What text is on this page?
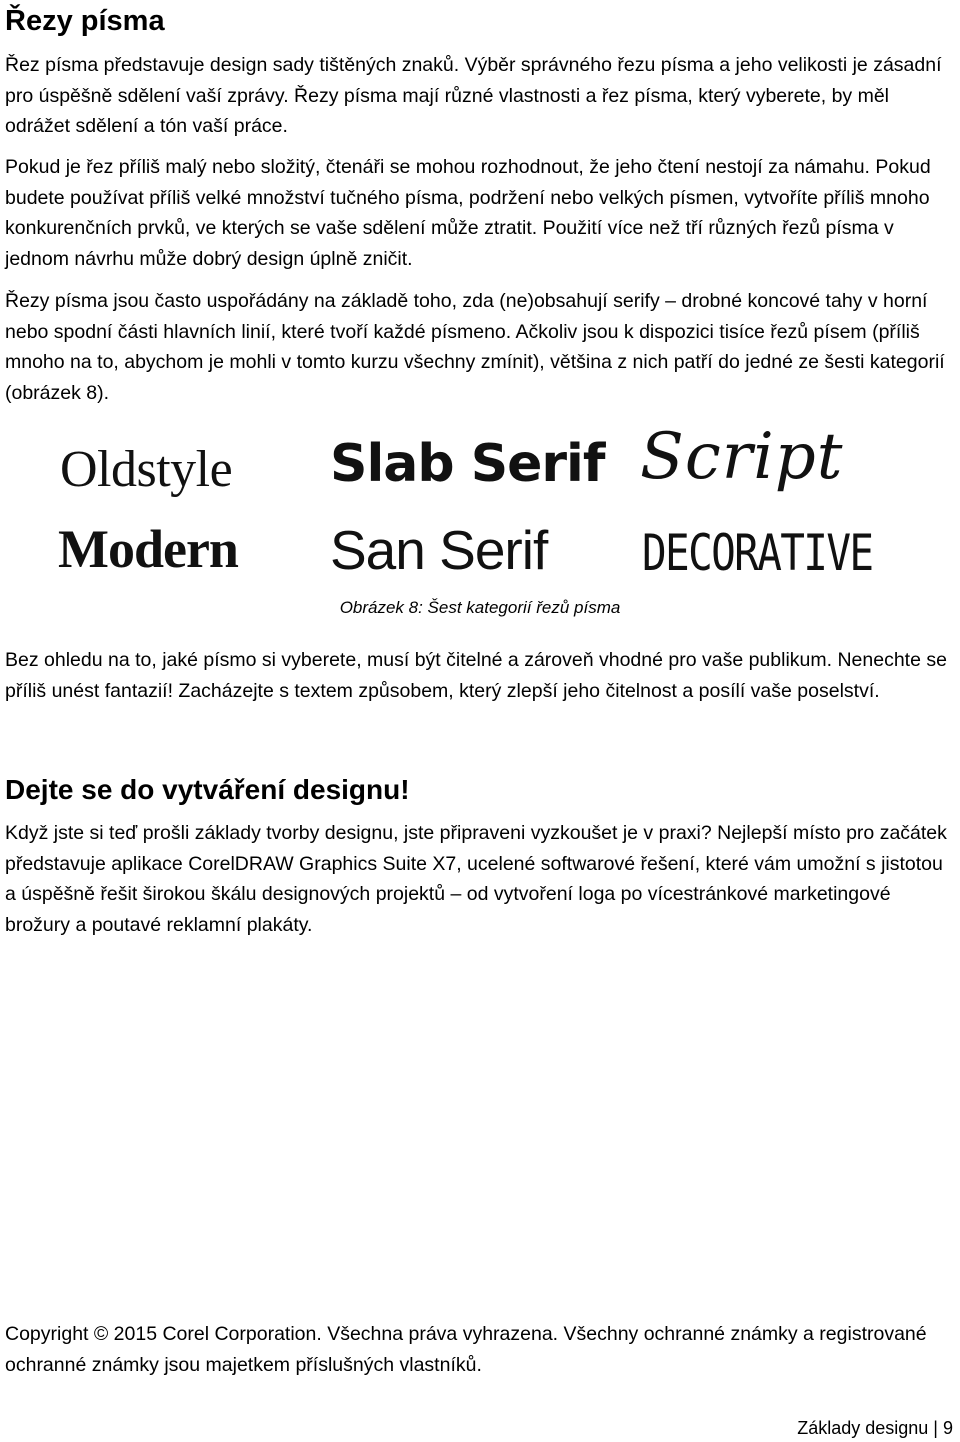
Řezy písma

Řez písma představuje design sady tištěných znaků. Výběr správného řezu písma a jeho velikosti je zásadní pro úspěšně sdělení vaší zprávy. Řezy písma mají různé vlastnosti a řez písma, který vyberete, by měl odrážet sdělení a tón vaší práce.

Pokud je řez příliš malý nebo složitý, čtenáři se mohou rozhodnout, že jeho čtení nestojí za námahu. Pokud budete používat příliš velké množství tučného písma, podržení nebo velkých písmen, vytvoříte příliš mnoho konkurenčních prvků, ve kterých se vaše sdělení může ztratit. Použití více než tří různých řezů písma v jednom návrhu může dobrý design úplně zničit.

Řezy písma jsou často uspořádány na základě toho, zda (ne)obsahují serify – drobné koncové tahy v horní nebo spodní části hlavních linií, které tvoří každé písmeno. Ačkoliv jsou k dispozici tisíce řezů písem (příliš mnoho na to, abychom je mohli v tomto kurzu všechny zmínit), většina z nich patří do jedné ze šesti kategorií (obrázek 8).

Oldstyle Slab Serif Script
Modern San Serif DECORATIVE
Obrázek 8: Šest kategorií řezů písma

Bez ohledu na to, jaké písmo si vyberete, musí být čitelné a zároveň vhodné pro vaše publikum. Nenechte se příliš unést fantazií! Zacházejte s textem způsobem, který zlepší jeho čitelnost a posílí vaše poselství.

Dejte se do vytváření designu!

Když jste si teď prošli základy tvorby designu, jste připraveni vyzkoušet je v praxi? Nejlepší místo pro začátek představuje aplikace CorelDRAW Graphics Suite X7, ucelené softwarové řešení, které vám umožní s jistotou a úspěšně řešit širokou škálu designových projektů – od vytvoření loga po vícestránkové marketingové brožury a poutavé reklamní plakáty.

Copyright © 2015 Corel Corporation. Všechna práva vyhrazena. Všechny ochranné známky a registrované ochranné známky jsou majetkem příslušných vlastníků.

Základy designu | 9
